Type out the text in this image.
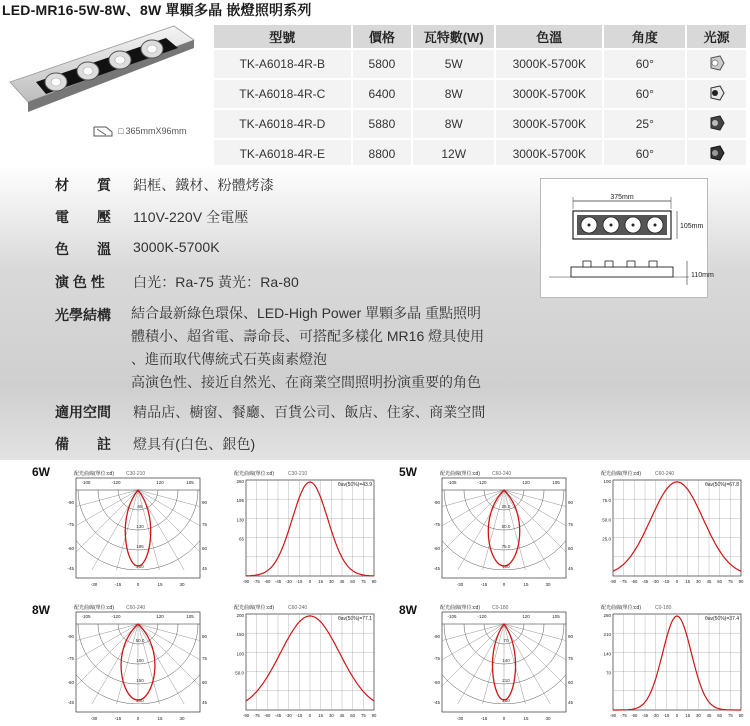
LED-MR16-5W-8W、8W 單顆多晶 嵌燈照明系列
□ 365mmX96mm
型號	價格	瓦特數(W)	色溫	角度	光源
TK-A6018-4R-B	5800	5W	3000K-5700K	60°	
TK-A6018-4R-C	6400	8W	3000K-5700K	60°	
TK-A6018-4R-D	5880	8W	3000K-5700K	25°	
TK-A6018-4R-E	8800	12W	3000K-5700K	60°	
材　　質	鋁框、鐵材、粉體烤漆
電　　壓	110V-220V 全電壓
色　　溫	3000K-5700K
演 色 性	白光：Ra-75 黃光：Ra-80
光學結構	結合最新綠色環保、LED-High Power 單顆多晶 重點照明
體積小、超省電、壽命長、可搭配多樣化 MR16 燈具使用
、進而取代傳統式石英鹵素燈泡
高演色性、接近自然光、在商業空間照明扮演重要的角色
適用空間	精品店、櫥窗、餐廳、百貨公司、飯店、住家、商業空間
備　　註	燈具有(白色、銀色)
375mm
105mm
110mm
6W	配光曲線(單位:cd) C30-210
-105	-120	120	105
65
130
195
260
-90
-75
-60
-45
90
75
60
45
-30	-15	0	15	30
配光曲線(單位:cd)	C30-210
θav(50%)=43.9
260
195
130
65
-90 -75 -60 -45 -30 -15 0 15 30 45 60 75 90
5W	配光曲線(單位:cd) C60-240
-105	-120	120	105
25.0
50.0
75.0
100
-90
-75
-60
-45
90
75
60
45
-30	-15	0	15	30
配光曲線(單位:cd)	C60-240
θav(50%)=67.8
100
75.0
50.0
25.0
-90 -75 -60 -45 -30 -15 0 15 30 45 60 75 90
8W	配光曲線(單位:cd) C60-240
-105	-120	120	105
50.0
100
150
200
-90
-75
-60
-45
90
75
60
45
-30	-15	0	15	30
配光曲線(單位:cd)	C60-240
θav(50%)=77.1
200
150
100
50.0
-90 -75 -60 -45 -30 -15 0 15 30 45 60 75 90
8W	配光曲線(單位:cd) C0-180
-105	-120	120	105
70
140
210
280
-90
-75
-60
-45
90
75
60
45
-30	-15	0	15	30
配光曲線(單位:cd)	C0-180
θav(50%)=37.4
280
210
140
70
-90 -75 -60 -45 -30 -15 0 15 30 45 60 75 90
